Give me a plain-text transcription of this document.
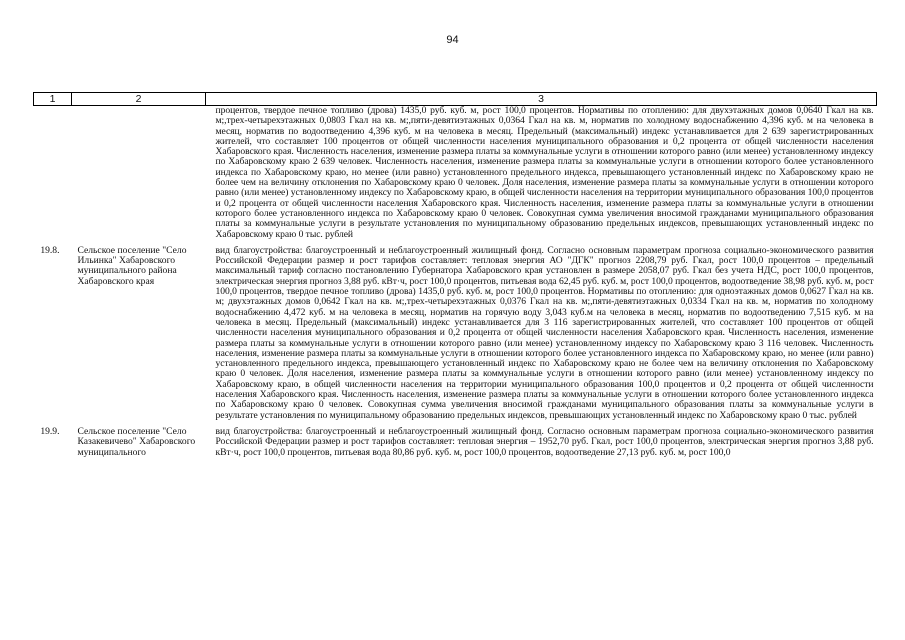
94
1	2	3
		процентов, твердое печное топливо (дрова) 1435,0 руб. куб. м, рост 100,0 процентов. Нормативы по отоплению: для двухэтажных домов 0,0640 Гкал на кв. м;,трех-четырехэтажных 0,0803 Гкал на кв. м;,пяти-девятиэтажных 0,0364 Гкал на кв. м, норматив по холодному водоснабжению 4,396 куб. м на человека в месяц, норматив по водоотведению 4,396 куб. м на человека в месяц. Предельный (максимальный) индекс устанавливается для 2 639 зарегистрированных жителей, что составляет 100 процентов от общей численности населения муниципального образования и 0,2 процента от общей численности населения Хабаровского края. Численность населения, изменение размера платы за коммунальные услуги в отношении которого равно (или менее) установленному индексу по Хабаровскому краю 2 639 человек. Численность населения, изменение размера платы за коммунальные услуги в отношении которого более установленного индекса по Хабаровскому краю, но менее (или равно) установленного предельного индекса, превышающего установленный индекс по Хабаровскому краю не более чем на величину отклонения по Хабаровскому краю 0 человек. Доля населения, изменение размера платы за коммунальные услуги в отношении которого равно (или менее) установленному индексу по Хабаровскому краю, в общей численности населения на территории муниципального образования 100,0 процентов и 0,2 процента от общей численности населения Хабаровского края. Численность населения, изменение размера платы за коммунальные услуги в отношении которого более установленного индекса по Хабаровскому краю 0 человек. Совокупная сумма увеличения вносимой гражданами муниципального образования платы за коммунальные услуги в результате установления по муниципальному образованию предельных индексов, превышающих установленный индекс по Хабаровскому краю 0 тыс. рублей
19.8.	Сельское поселение "Село Ильинка" Хабаровского муниципального района Хабаровского края	вид благоустройства: благоустроенный и неблагоустроенный жилищный фонд. Согласно основным параметрам прогноза социально-экономического развития Российской Федерации размер и рост тарифов составляет: тепловая энергия АО "ДГК" прогноз 2208,79 руб. Гкал, рост 100,0 процентов – предельный максимальный тариф согласно постановлению Губернатора Хабаровского края установлен в размере 2058,07 руб. Гкал без учета НДС, рост 100,0 процентов, электрическая энергия прогноз 3,88 руб. кВт·ч, рост 100,0 процентов, питьевая вода 62,45 руб. куб. м, рост 100,0 процентов, водоотведение 38,98 руб. куб. м, рост 100,0 процентов, твердое печное топливо (дрова) 1435,0 руб. куб. м, рост 100,0 процентов. Нормативы по отоплению: для одноэтажных домов 0,0627 Гкал на кв. м; двухэтажных домов 0,0642 Гкал на кв. м;,трех-четырехэтажных 0,0376 Гкал на кв. м;,пяти-девятиэтажных 0,0334 Гкал на кв. м, норматив по холодному водоснабжению 4,472 куб. м на человека в месяц, норматив на горячую воду 3,043 куб.м на человека в месяц, норматив по водоотведению 7,515 куб. м на человека в месяц. Предельный (максимальный) индекс устанавливается для 3 116 зарегистрированных жителей, что составляет 100 процентов от общей численности населения муниципального образования и 0,2 процента от общей численности населения Хабаровского края. Численность населения, изменение размера платы за коммунальные услуги в отношении которого равно (или менее) установленному индексу по Хабаровскому краю 3 116 человек. Численность населения, изменение размера платы за коммунальные услуги в отношении которого более установленного индекса по Хабаровскому краю, но менее (или равно) установленного предельного индекса, превышающего установленный индекс по Хабаровскому краю не более чем на величину отклонения по Хабаровскому краю 0 человек. Доля населения, изменение размера платы за коммунальные услуги в отношении которого равно (или менее) установленному индексу по Хабаровскому краю, в общей численности населения на территории муниципального образования 100,0 процентов и 0,2 процента от общей численности населения Хабаровского края. Численность населения, изменение размера платы за коммунальные услуги в отношении которого более установленного индекса по Хабаровскому краю 0 человек. Совокупная сумма увеличения вносимой гражданами муниципального образования платы за коммунальные услуги в результате установления по муниципальному образованию предельных индексов, превышающих установленный индекс по Хабаровскому краю 0 тыс. рублей
19.9.	Сельское поселение "Село Казакевичево" Хабаровского муниципального	вид благоустройства: благоустроенный и неблагоустроенный жилищный фонд. Согласно основным параметрам прогноза социально-экономического развития Российской Федерации размер и рост тарифов составляет: тепловая энергия – 1952,70 руб. Гкал, рост 100,0 процентов, электрическая энергия прогноз 3,88 руб. кВт·ч, рост 100,0 процентов, питьевая вода 80,86 руб. куб. м, рост 100,0 процентов, водоотведение 27,13 руб. куб. м, рост 100,0
